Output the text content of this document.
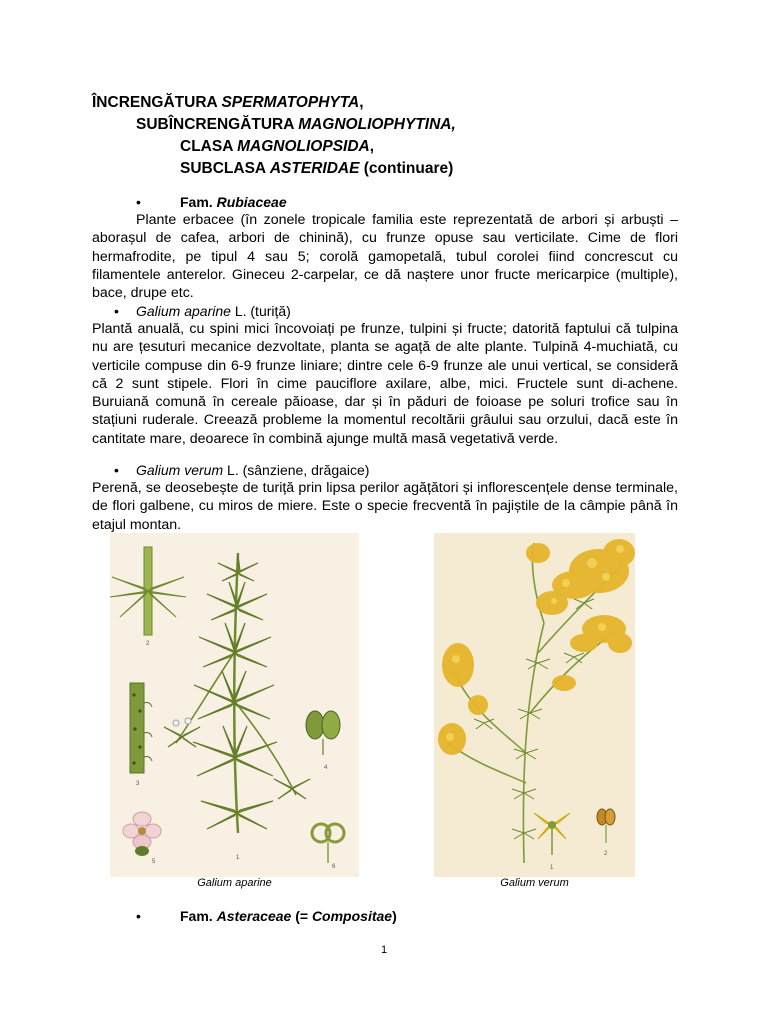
ÎNCRENGĂTURA SPERMATOPHYTA,
SUBÎNCRENGĂTURA MAGNOLIOPHYTINA,
CLASA MAGNOLIOPSIDA,
SUBCLASA ASTERIDAE (continuare)
•	Fam. Rubiaceae
Plante erbacee (în zonele tropicale familia este reprezentată de arbori și arbuști – aborașul de cafea, arbori de chinină), cu frunze opuse sau verticilate. Cime de flori hermafrodite, pe tipul 4 sau 5; corolă gamopetală, tubul corolei fiind concrescut cu filamentele anterelor. Gineceu 2-carpelar, ce dă naștere unor fructe mericarpice (multiple), bace, drupe etc.
• Galium aparine L. (turiță)
Plantă anuală, cu spini mici încovoiați pe frunze, tulpini și fructe; datorită faptului că tulpina nu are țesuturi mecanice dezvoltate, planta se agață de alte plante. Tulpină 4-muchiată, cu verticile compuse din 6-9 frunze liniare; dintre cele 6-9 frunze ale unui vertical, se consideră că 2 sunt stipele. Flori în cime pauciflore axilare, albe, mici. Fructele sunt di-achene. Buruiană comună în cereale păioase, dar și în păduri de foioase pe soluri trofice sau în stațiuni ruderale. Creează probleme la momentul recoltării grâului sau orzului, dacă este în cantitate mare, deoarece în combină ajunge multă masă vegetativă verde.
• Galium verum L. (sânziene, drăgaice)
Perenă, se deosebește de turiță prin lipsa perilor agățători și inflorescențele dense terminale, de flori galbene, cu miros de miere. Este o specie frecventă în pajiștile de la câmpie până în etajul montan.
2
3
5
4
6
1
1
2
Galium aparine	Galium verum
•	Fam. Asteraceae (= Compositae)
1
